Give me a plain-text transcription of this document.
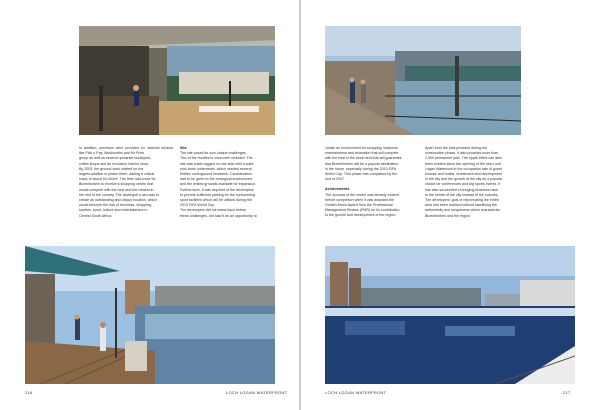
In addition, premises were provided for national tenants like Pick n Pay, Woolworths and Mr Price

group as well as several upmarket boutiques,

coffee shops and an exclusive interior shop.

By 2003, the ground-work started for the

largest addition in phase three, adding a critical

mass of about 54,000m². The time had come for

Bloemfontein to receive a shopping centre that

would compete with the best and the newest in

the rest of the country. The developer's aim was to

create an outstanding and unique location, which

would become the hub of business, shopping,

tourism, sport, culture and entertainment in

Central South Africa.

Site

The site posed its own unique challenges.

Two of the hurdles to overcome included: The

site was water-logged on one side with a solid

rock bank underneath, which needed several

hidden underground fountains. Consideration

had to be given to the ecological environment

and the limited grounds available for expansion.

Furthermore, it was required of the developers

to provide sufficient parking for the surrounding

sport facilities which will be utilised during the

2010 FIFA World Cup.

The developers did not stand back before

these challenges, but saw it as an opportunity to

create an environment for shopping, business,

entertainment and relaxation that will compete

with the best in the world and that will guarantee

that Bloemfontein will be a popular destination

in the future, especially during the 2010 FIFA

World Cup. This phase was completed by the

end of 2007.

Achievements

The success of the centre was already evident

before completion when it was awarded the

Golden Arrow Award from the Professional

Management Review (PMR) for its contribution

to the growth and development of the region.

Apart from the jobs provided during the

construction phase, it also provides more than

2,000 permanent jobs. The ripple effect can also

been evident since the opening of the new Loch

Logan Waterfront in the occupation rate of guest

houses and hotels, investment and development

in the city and the growth of the city as a popular

choice for conferences and big sports events. It

has also succeeded in bringing business back

to the centre of the city instead of the suburbs.

The developers' goal of rejuvenating the entire

area has been realised without sacrificing the

authenticity and uniqueness which characterise

Bloemfontein and the region.

216	LOCH LOGAN WATERFRONT	LOCH LOGAN WATERFRONT	217
